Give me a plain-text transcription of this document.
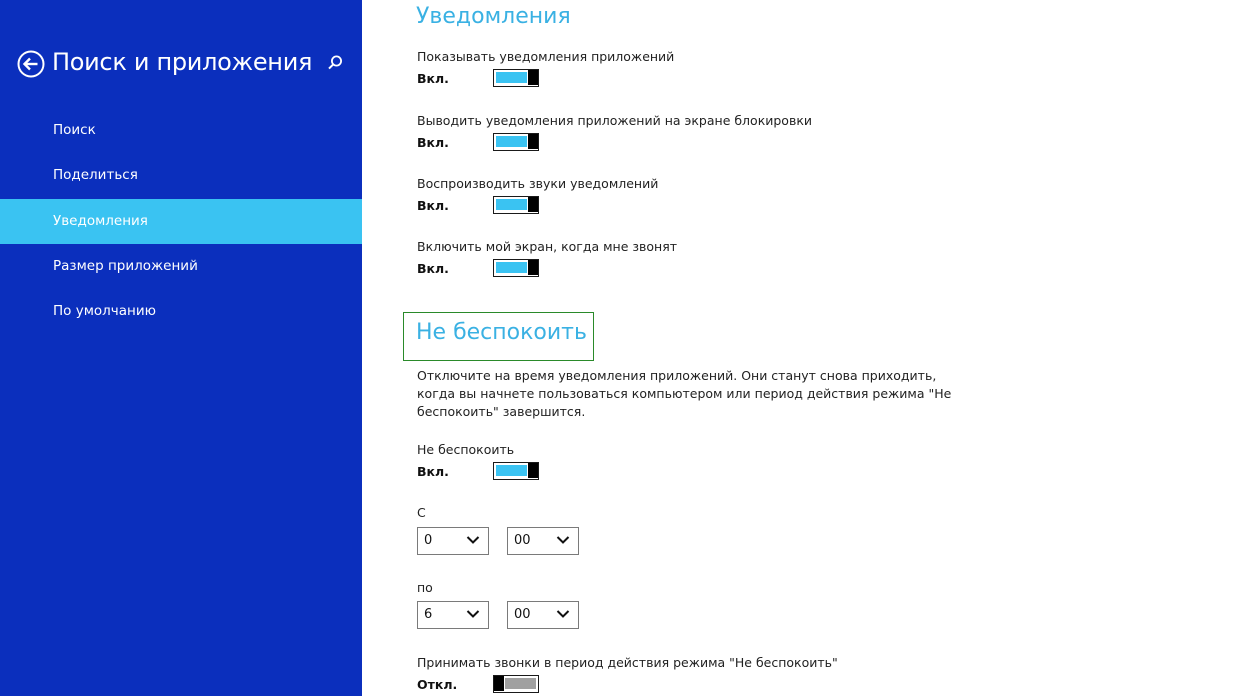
Поиск и приложения
Поиск
Поделиться
Уведомления
Размер приложений
По умолчанию
Уведомления
Показывать уведомления приложений
Вкл.
Выводить уведомления приложений на экране блокировки
Вкл.
Воспроизводить звуки уведомлений
Вкл.
Включить мой экран, когда мне звонят
Вкл.
Не беспокоить
Отключите на время уведомления приложений. Они станут снова приходить, когда вы начнете пользоваться компьютером или период действия режима "Не беспокоить" завершится.
Не беспокоить
Вкл.
С
0	00
по
6	00
Принимать звонки в период действия режима "Не беспокоить"
Откл.
